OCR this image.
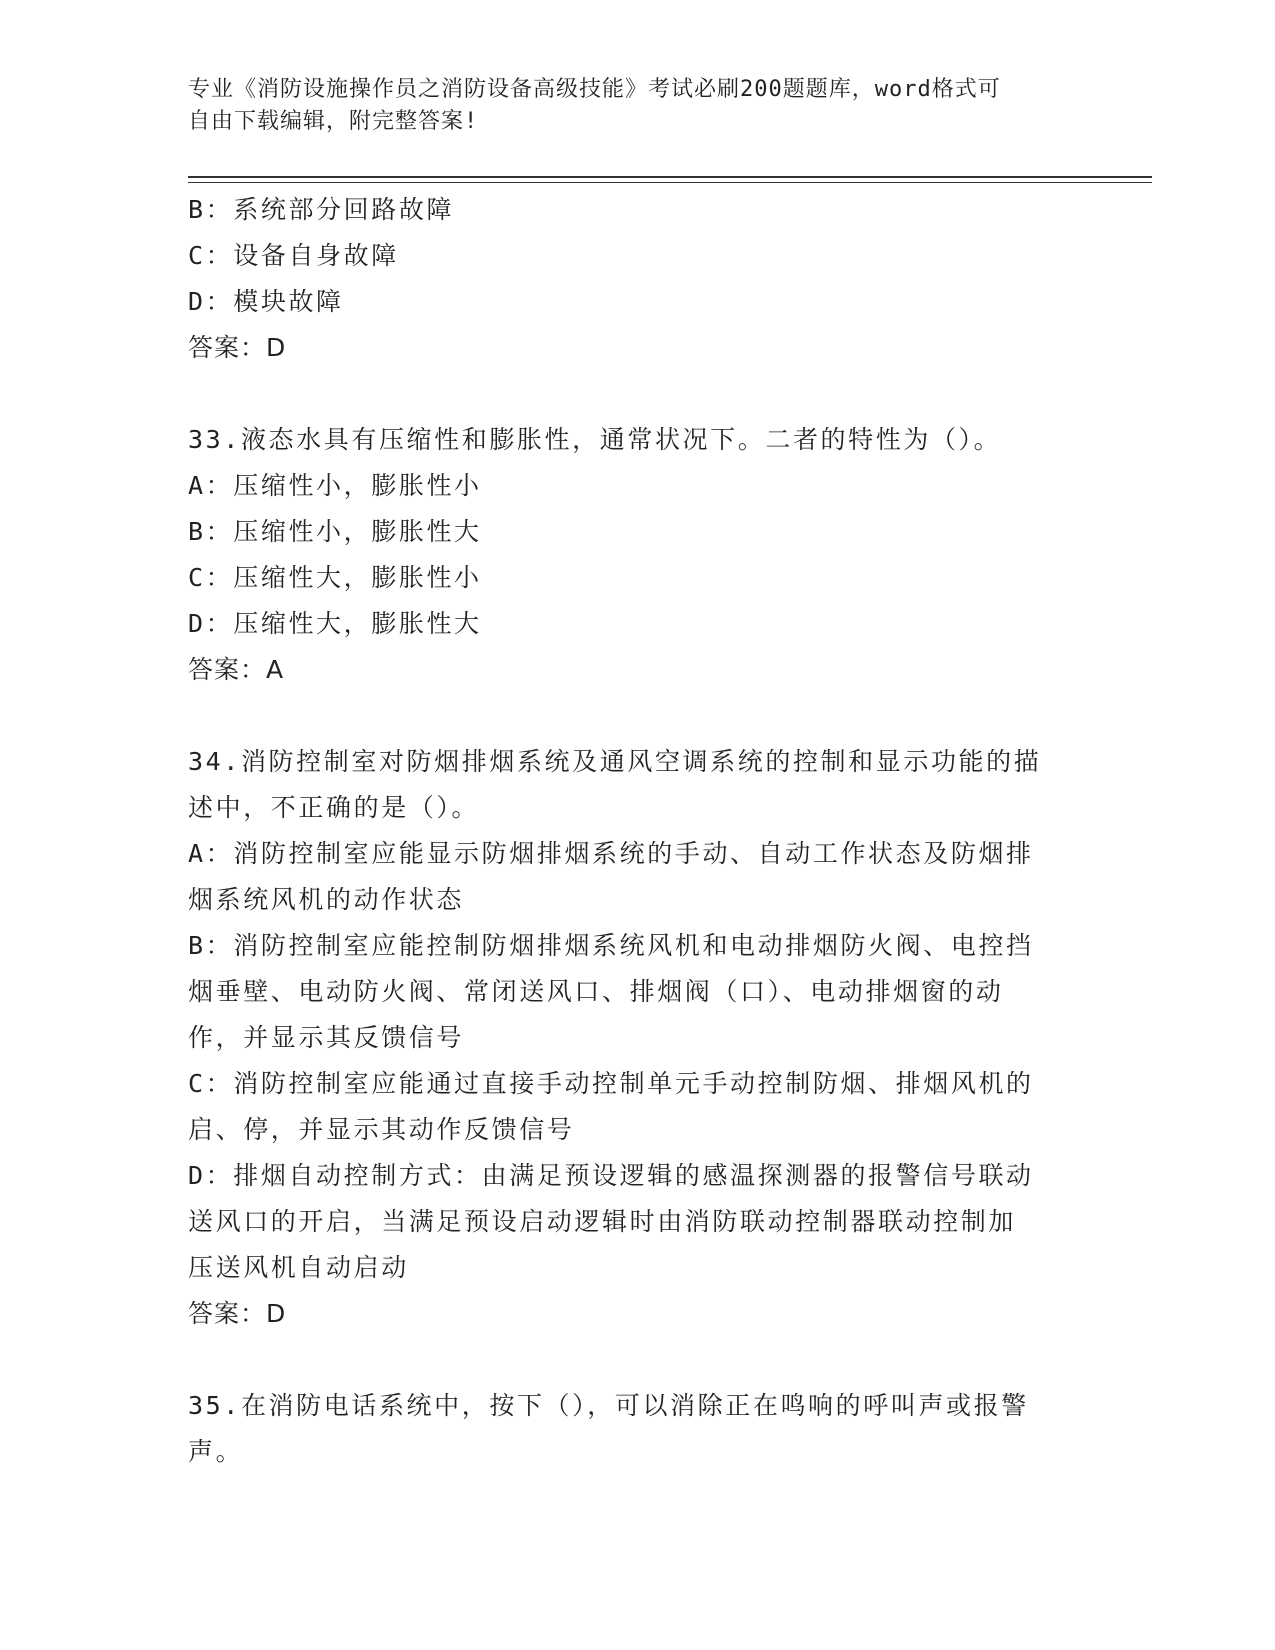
专业《消防设施操作员之消防设备高级技能》考试必刷200题题库，word格式可

自由下载编辑，附完整答案!

B：系统部分回路故障

C：设备自身故障

D：模块故障

答案：D

33.液态水具有压缩性和膨胀性，通常状况下。二者的特性为（）。

A：压缩性小，膨胀性小

B：压缩性小，膨胀性大

C：压缩性大，膨胀性小

D：压缩性大，膨胀性大

答案：A

34.消防控制室对防烟排烟系统及通风空调系统的控制和显示功能的描

述中，不正确的是（）。

A：消防控制室应能显示防烟排烟系统的手动、自动工作状态及防烟排

烟系统风机的动作状态

B：消防控制室应能控制防烟排烟系统风机和电动排烟防火阀、电控挡

烟垂壁、电动防火阀、常闭送风口、排烟阀（口）、电动排烟窗的动

作，并显示其反馈信号

C：消防控制室应能通过直接手动控制单元手动控制防烟、排烟风机的

启、停，并显示其动作反馈信号

D：排烟自动控制方式：由满足预设逻辑的感温探测器的报警信号联动

送风口的开启，当满足预设启动逻辑时由消防联动控制器联动控制加

压送风机自动启动

答案：D

35.在消防电话系统中，按下（），可以消除正在鸣响的呼叫声或报警

声。
